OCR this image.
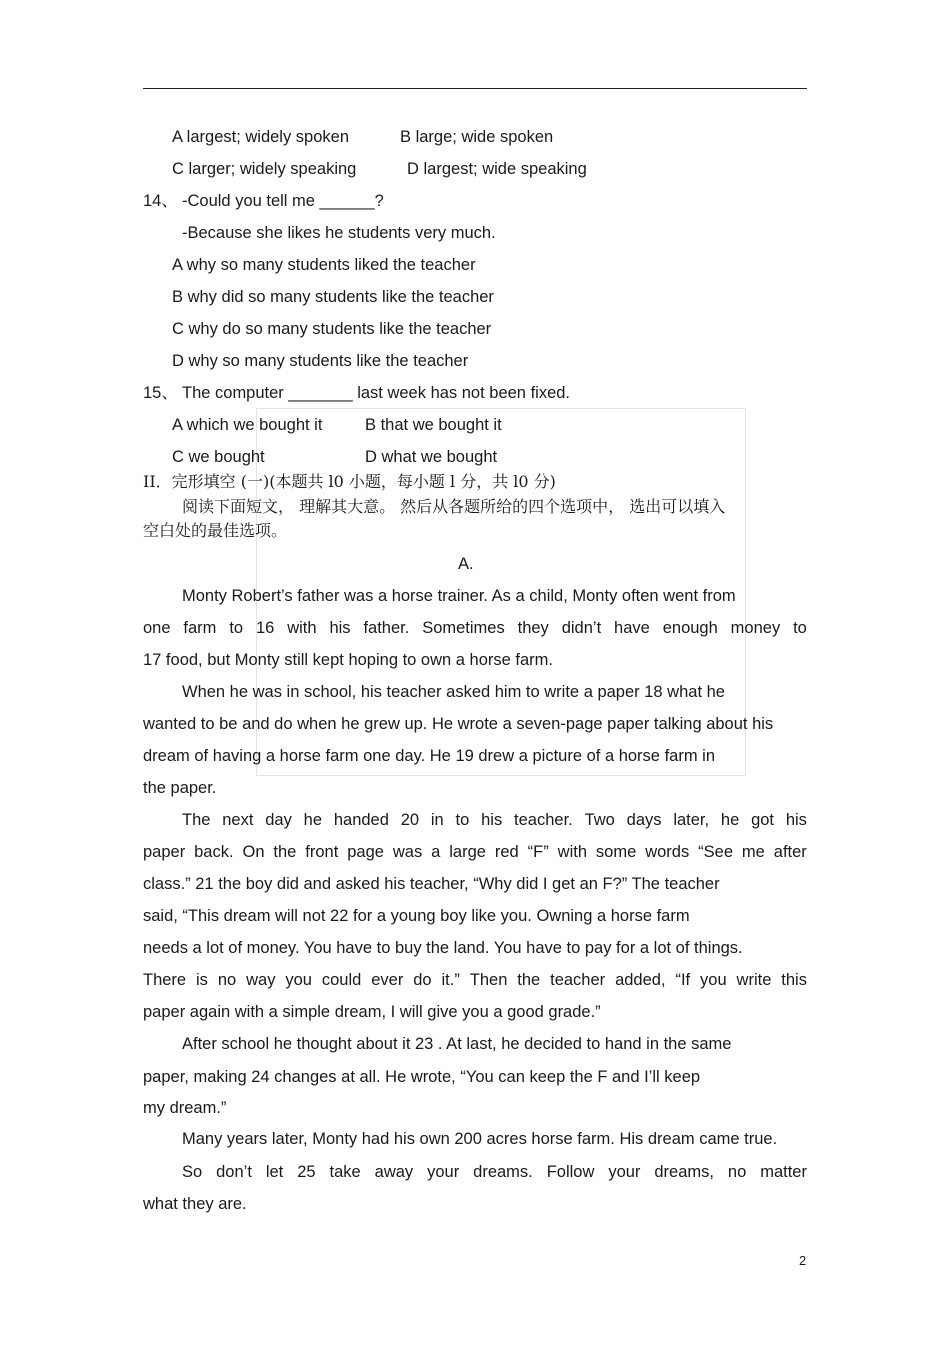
A largest; widely spoken	B large; wide spoken
C larger; widely speaking	D largest; wide speaking
14、 -Could you tell me ______?
-Because she likes he students very much.
A why so many students liked the teacher
B why did so many students like the teacher
C why do so many students like the teacher
D why so many students like the teacher
15、 The computer _______ last week has not been fixed.
A which we bought it	B that we bought it
C we bought	D what we bought
II．完形填空 (一)(本题共 l0 小题，每小题 l 分，共 l0 分)
阅读下面短文， 理解其大意。 然后从各题所给的四个选项中， 选出可以填入
空白处的最佳选项。
A.
Monty Robert’s father was a horse trainer. As a child, Monty often went from
one farm to 16 with his father. Sometimes they didn’t have enough money to
17 food, but Monty still kept hoping to own a horse farm.
When he was in school, his teacher asked him to write a paper 18 what he
wanted to be and do when he grew up. He wrote a seven-page paper talking about his
dream of having a horse farm one day. He 19 drew a picture of a horse farm in
the paper.
The next day he handed 20 in to his teacher. Two days later, he got his
paper back. On the front page was a large red “F” with some words “See me after
class.” 21 the boy did and asked his teacher, “Why did I get an F?” The teacher
said, “This dream will not 22 for a young boy like you. Owning a horse farm
needs a lot of money. You have to buy the land. You have to pay for a lot of things.
There is no way you could ever do it.” Then the teacher added, “If you write this
paper again with a simple dream, I will give you a good grade.”
After school he thought about it 23 . At last, he decided to hand in the same
paper, making 24 changes at all. He wrote, “You can keep the F and I’ll keep
my dream.”
Many years later, Monty had his own 200 acres horse farm. His dream came true.
So don’t let 25 take away your dreams. Follow your dreams, no matter
what they are.
2
